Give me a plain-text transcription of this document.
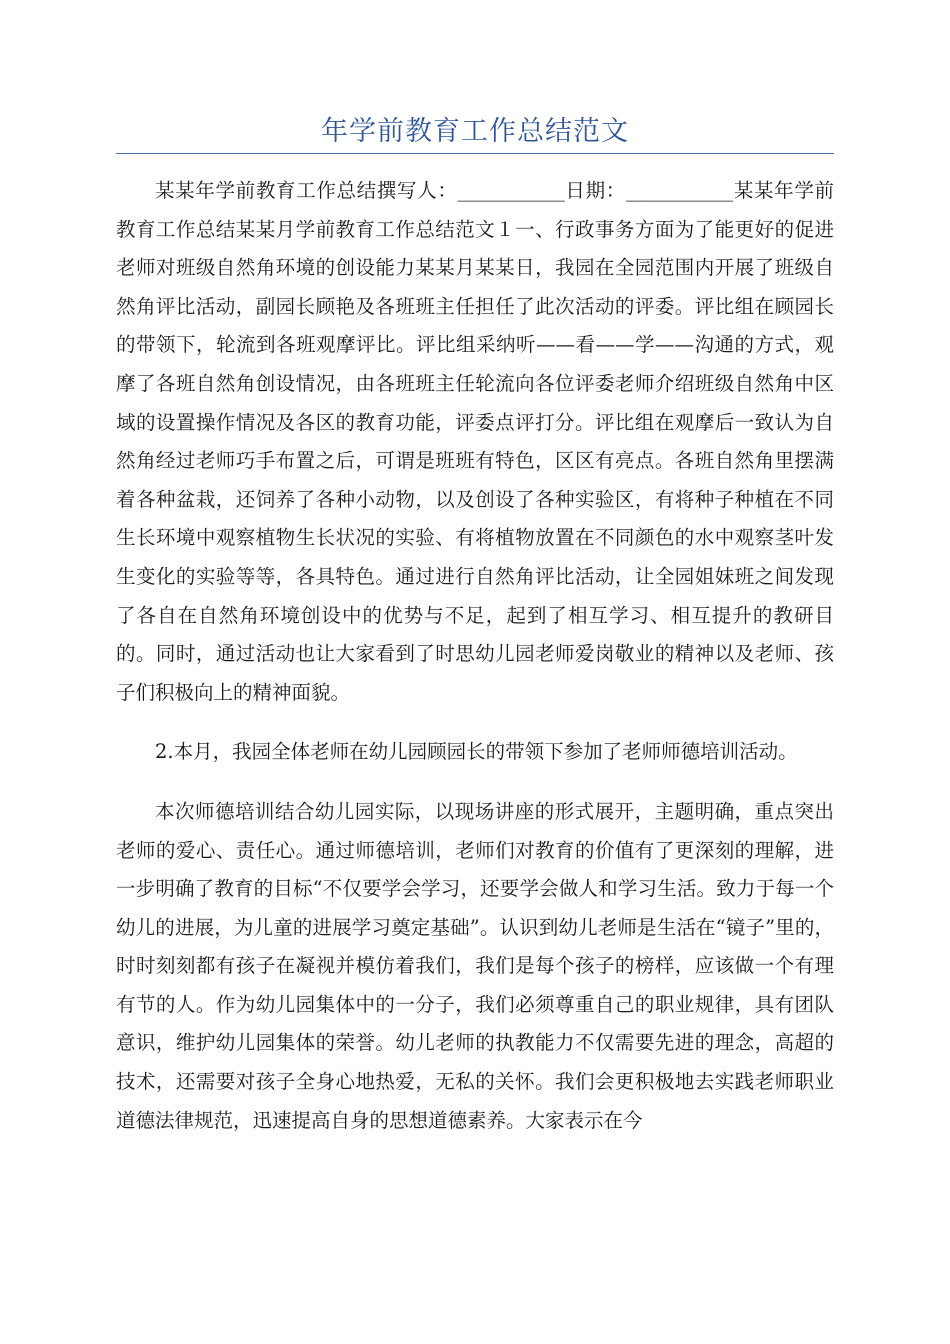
年学前教育工作总结范文

某某年学前教育工作总结撰写人：___________日期：___________某某年学前教育工作总结某某月学前教育工作总结范文１一、行政事务方面为了能更好的促进老师对班级自然角环境的创设能力某某月某某日，我园在全园范围内开展了班级自然角评比活动，副园长顾艳及各班班主任担任了此次活动的评委。评比组在顾园长的带领下，轮流到各班观摩评比。评比组采纳听——看——学——沟通的方式，观摩了各班自然角创设情况，由各班班主任轮流向各位评委老师介绍班级自然角中区域的设置操作情况及各区的教育功能，评委点评打分。评比组在观摩后一致认为自然角经过老师巧手布置之后，可谓是班班有特色，区区有亮点。各班自然角里摆满着各种盆栽，还饲养了各种小动物，以及创设了各种实验区，有将种子种植在不同生长环境中观察植物生长状况的实验、有将植物放置在不同颜色的水中观察茎叶发生变化的实验等等，各具特色。通过进行自然角评比活动，让全园姐妹班之间发现了各自在自然角环境创设中的优势与不足，起到了相互学习、相互提升的教研目的。同时，通过活动也让大家看到了时思幼儿园老师爱岗敬业的精神以及老师、孩子们积极向上的精神面貌。

2.本月，我园全体老师在幼儿园顾园长的带领下参加了老师师德培训活动。

本次师德培训结合幼儿园实际，以现场讲座的形式展开，主题明确，重点突出老师的爱心、责任心。通过师德培训，老师们对教育的价值有了更深刻的理解，进一步明确了教育的目标“不仅要学会学习，还要学会做人和学习生活。致力于每一个幼儿的进展，为儿童的进展学习奠定基础”。认识到幼儿老师是生活在“镜子”里的，时时刻刻都有孩子在凝视并模仿着我们，我们是每个孩子的榜样，应该做一个有理有节的人。作为幼儿园集体中的一分子，我们必须尊重自己的职业规律，具有团队意识，维护幼儿园集体的荣誉。幼儿老师的执教能力不仅需要先进的理念，高超的技术，还需要对孩子全身心地热爱，无私的关怀。我们会更积极地去实践老师职业道德法律规范，迅速提高自身的思想道德素养。大家表示在今
